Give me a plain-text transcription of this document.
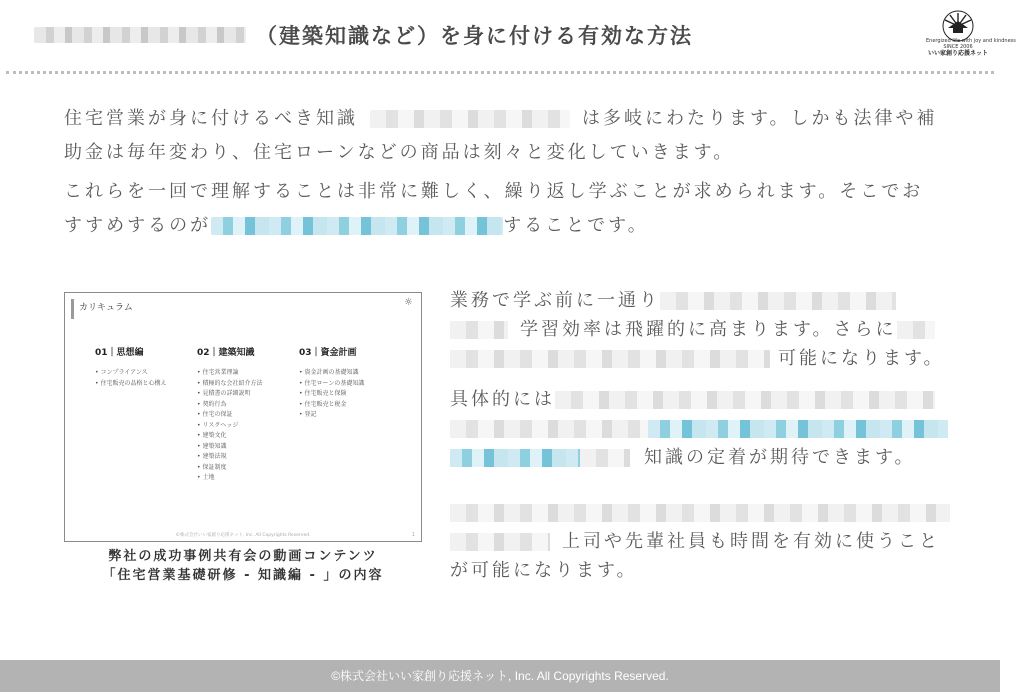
（建築知識など）を身に付ける有効な方法	Energized life with joy and kindness
SINCE 2006
いい家創り応援ネット

住宅営業が身に付けるべき知識	は多岐にわたります。しかも法律や補助金は毎年変わり、住宅ローンなどの商品は刻々と変化していきます。

これらを一回で理解することは非常に難しく、繰り返し学ぶことが求められます。そこでおすすめするのが	することです。

カリキュラム	☼
01｜思想編
• コンプライアンス
• 住宅販売の品格と心構え
02｜建築知識
• 住宅営業理論
• 積極的な会社紹介方法
• 見積書の詳細説明
• 契約行為
• 住宅の保証
• リスクヘッジ
• 建築文化
• 建築知識
• 建築法規
• 保証制度
• 土地
03｜資金計画
• 資金計画の基礎知識
• 住宅ローンの基礎知識
• 住宅販売と保険
• 住宅販売と税金
• 登記
©株式会社いい家創り応援ネット, Inc. All Copyrights Reserved.	1
弊社の成功事例共有会の動画コンテンツ
「住宅営業基礎研修 - 知識編 - 」の内容

業務で学ぶ前に一通り学習効率は飛躍的に高まります。さらに可能になります。

具体的には知識の定着が期待できます。

上司や先輩社員も時間を有効に使うことが可能になります。

©株式会社いい家創り応援ネット, Inc. All Copyrights Reserved.
